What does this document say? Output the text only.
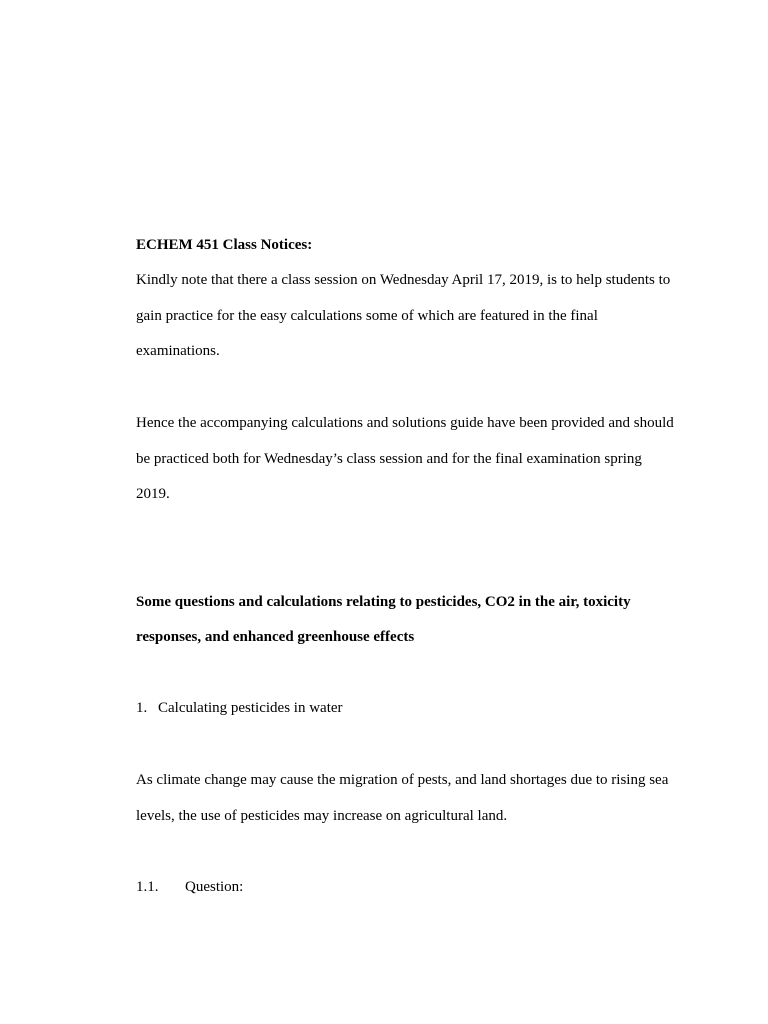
ECHEM 451 Class Notices:
Kindly note that there a class session on Wednesday April 17, 2019, is to help students to
gain practice for the easy calculations some of which are featured in the final
examinations.
Hence the accompanying calculations and solutions guide have been provided and should
be practiced both for Wednesday’s class session and for the final examination spring
2019.
Some questions and calculations relating to pesticides, CO2 in the air, toxicity
responses, and enhanced greenhouse effects
1. Calculating pesticides in water
As climate change may cause the migration of pests, and land shortages due to rising sea
levels, the use of pesticides may increase on agricultural land.
1.1. Question:
